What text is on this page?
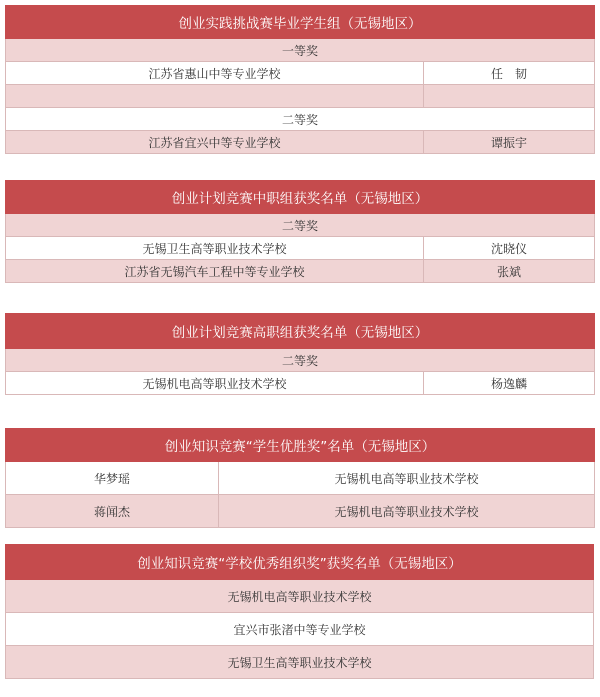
创业实践挑战赛毕业学生组（无锡地区）	
一等奖	
江苏省惠山中等专业学校	任　韧

二等奖	
江苏省宜兴中等专业学校	谭振宇
创业计划竞赛中职组获奖名单（无锡地区）	
二等奖	
无锡卫生高等职业技术学校	沈晓仪
江苏省无锡汽车工程中等专业学校	张斌
创业计划竞赛高职组获奖名单（无锡地区）
二等奖
无锡机电高等职业技术学校	杨逸麟
创业知识竞赛“学生优胜奖”名单（无锡地区）	
华梦瑶	无锡机电高等职业技术学校
蒋闻杰	无锡机电高等职业技术学校
创业知识竞赛“学校优秀组织奖”获奖名单（无锡地区）
无锡机电高等职业技术学校
宜兴市张渚中等专业学校
无锡卫生高等职业技术学校
